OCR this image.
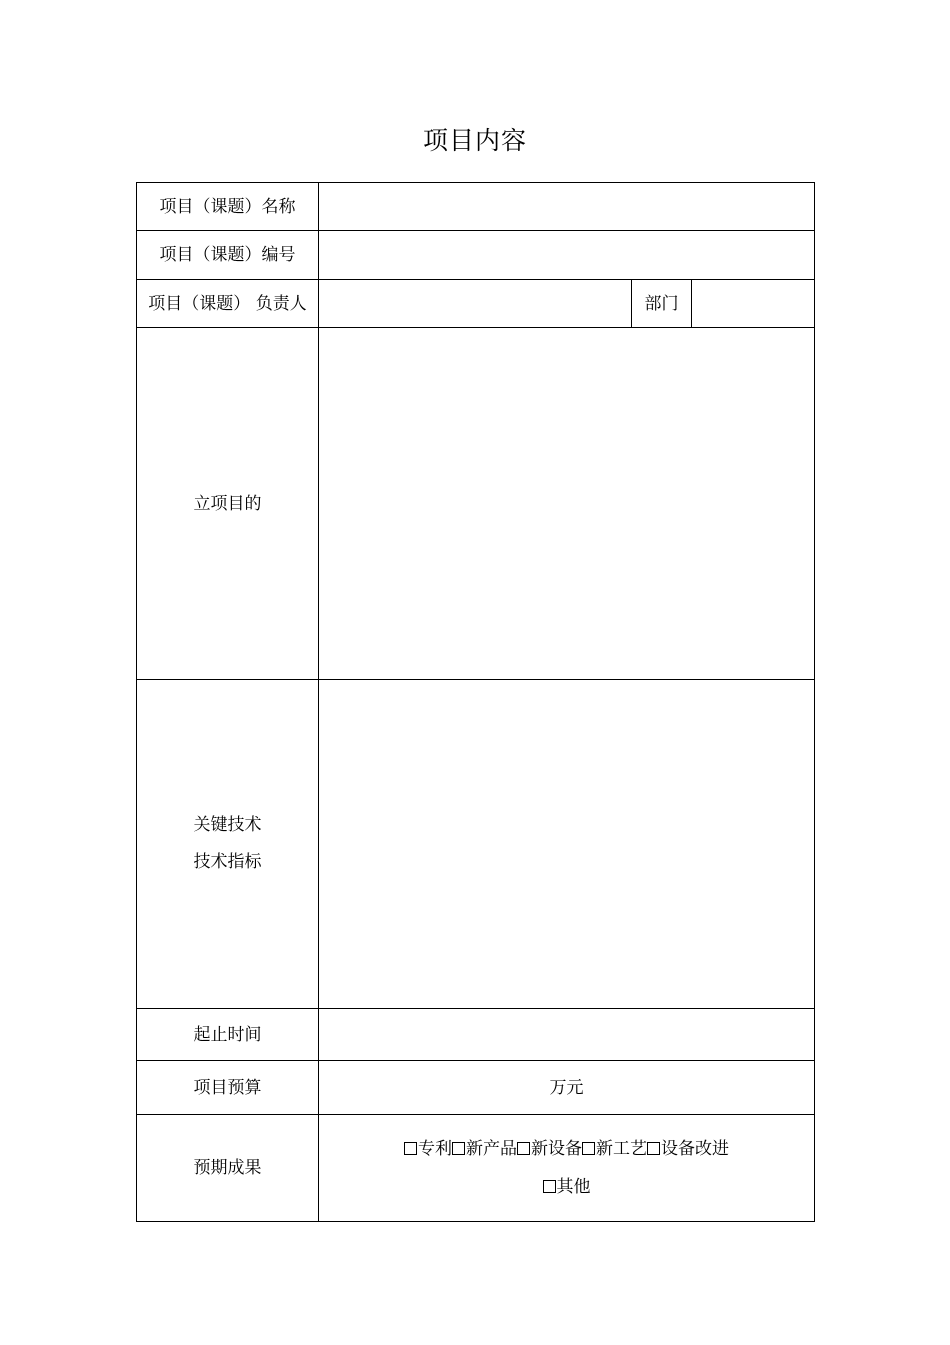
项目内容
项目（课题）名称			
项目（课题）编号			
项目（课题） 负责人		部门	
立项目的			

关键技术
技术指标			

起止时间			
项目预算	万元		
预期成果	专利 新产品 新设备 新工艺 设备改进
其他		
